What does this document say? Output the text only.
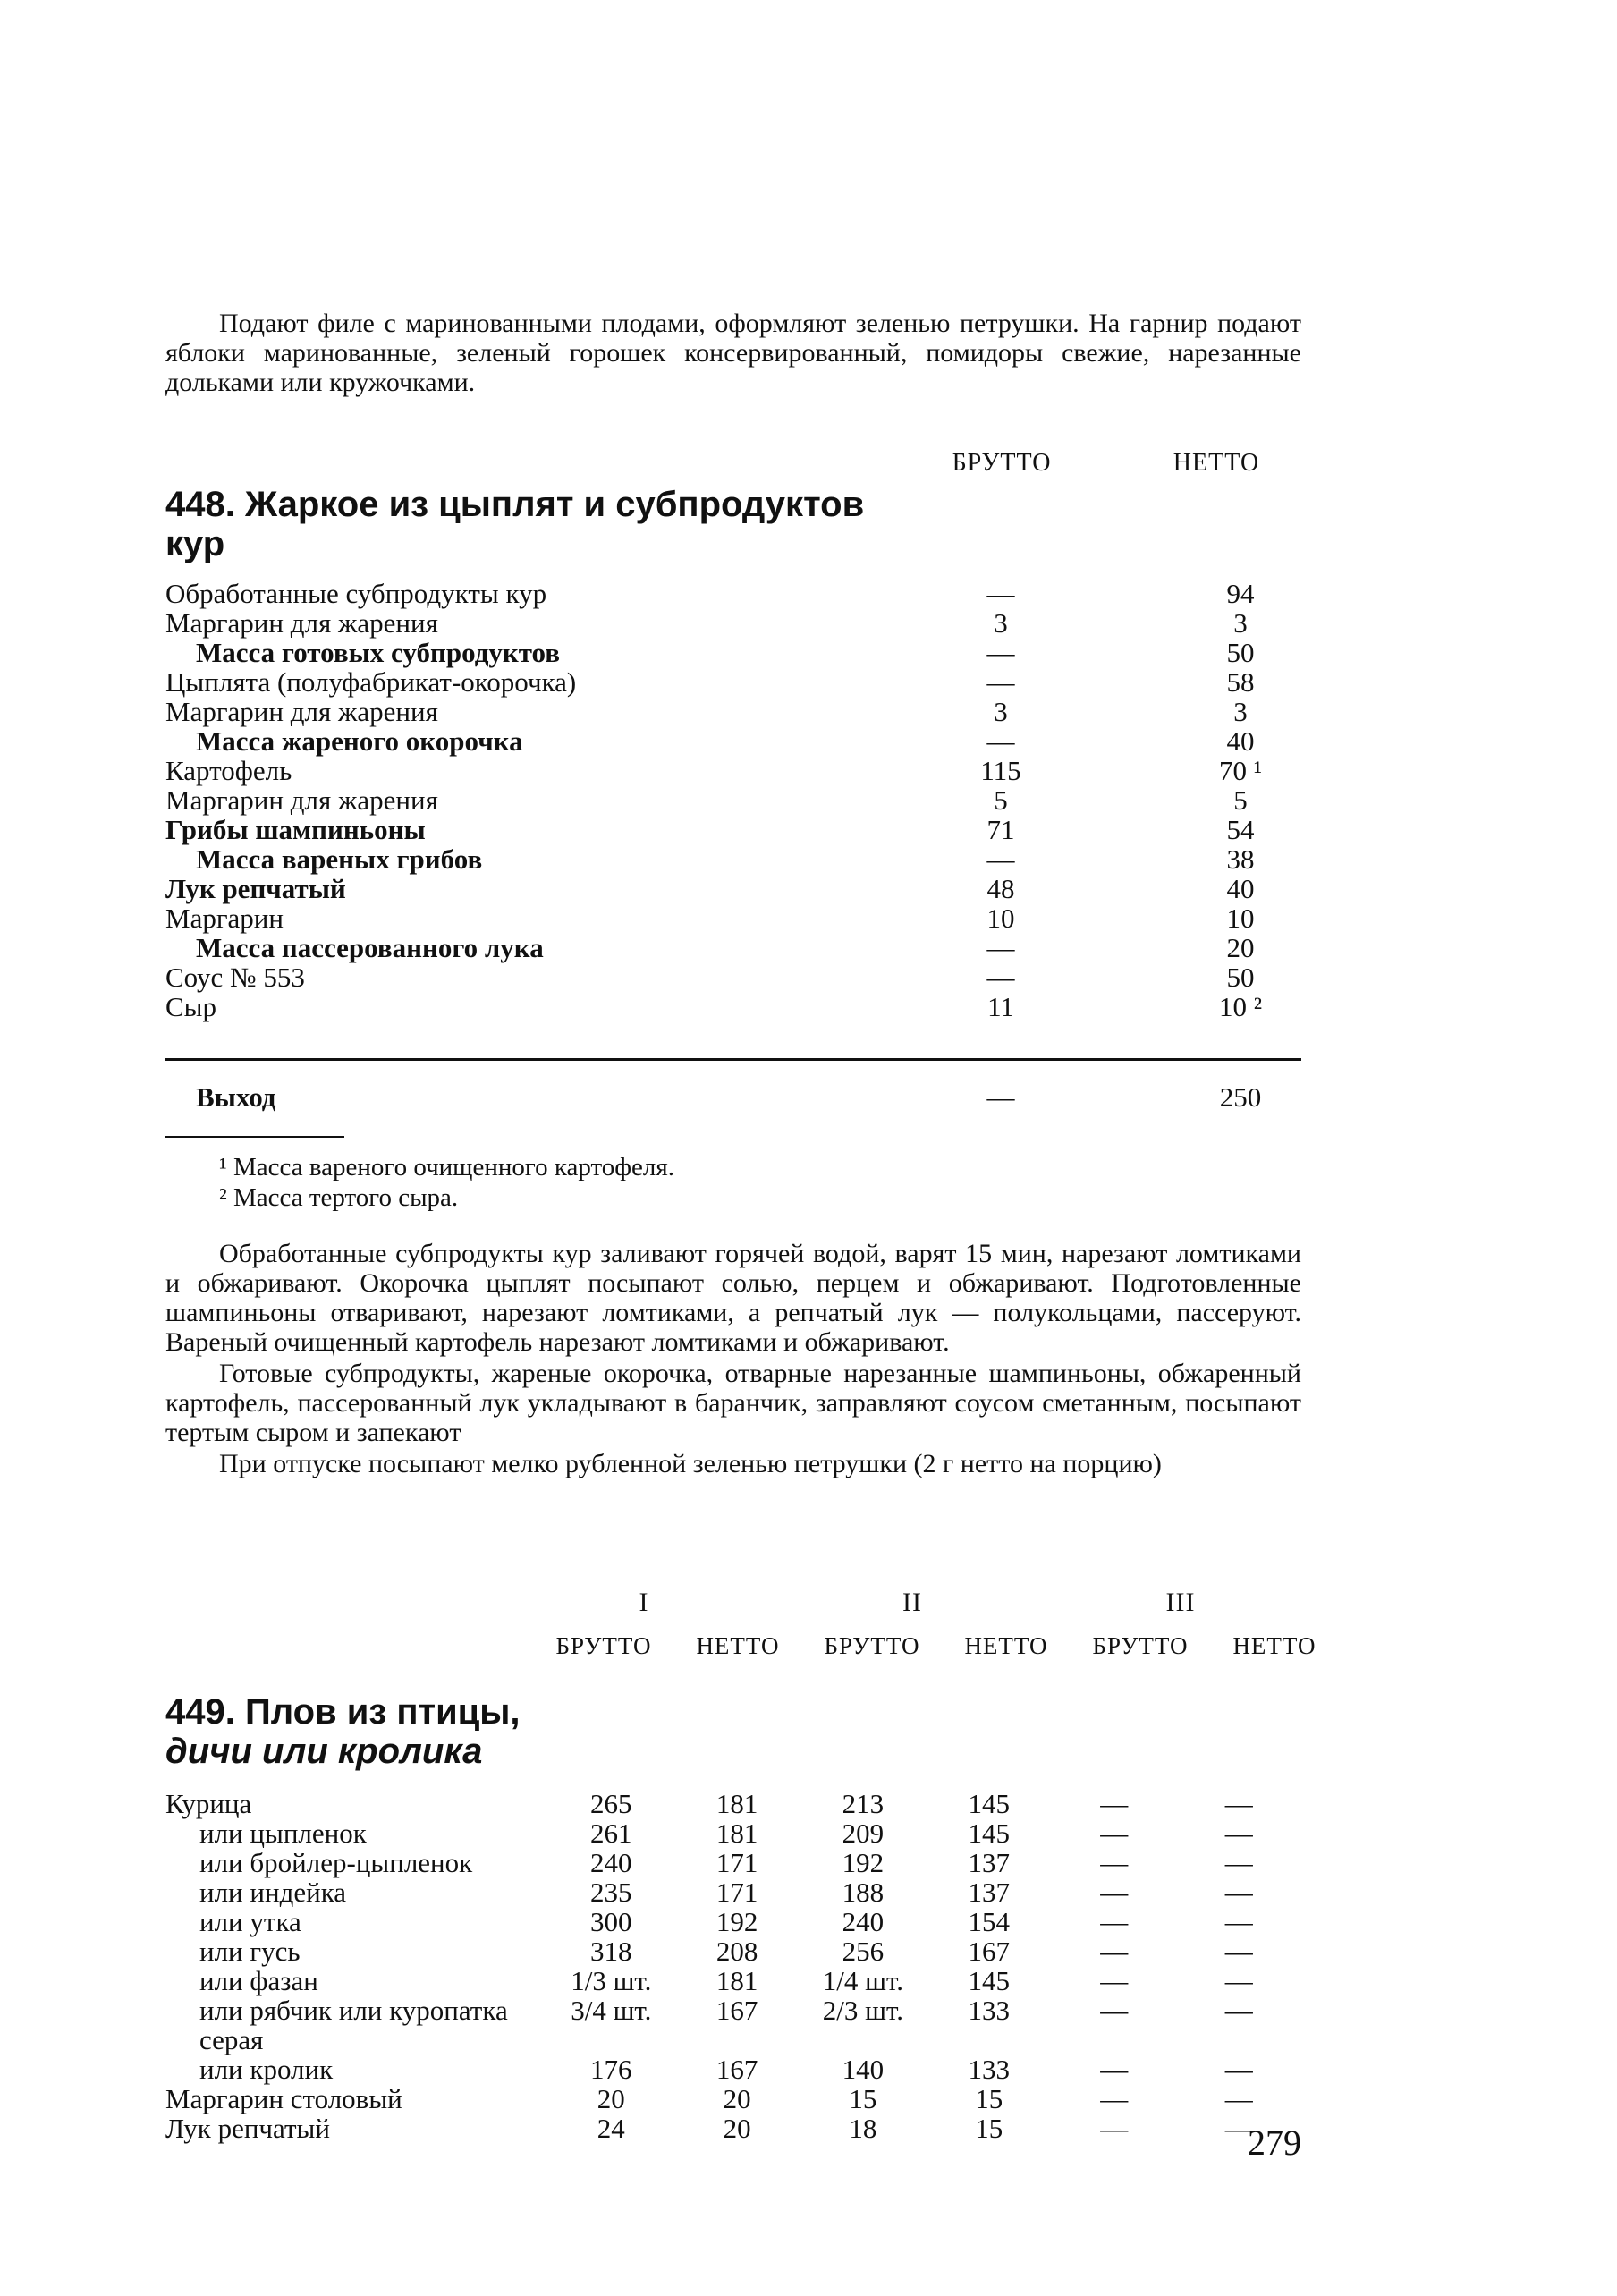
Подают филе с маринованными плодами, оформляют зеленью петрушки. На гарнир подают яблоки маринованные, зеленый горошек консервированный, помидоры свежие, нарезанные дольками или кружочками.

БРУТТО	НЕТТО
448. Жаркое из цыплят и субпродуктов кур
Обработанные субпродукты кур	—	94
Маргарин для жарения	3	3
Масса готовых субпродуктов	—	50
Цыплята (полуфабрикат-окорочка)	—	58
Маргарин для жарения	3	3
Масса жареного окорочка	—	40
Картофель	115	70 ¹
Маргарин для жарения	5	5
Грибы шампиньоны	71	54
Масса вареных грибов	—	38
Лук репчатый	48	40
Маргарин	10	10
Масса пассерованного лука	—	20
Соус № 553	—	50
Сыр	11	10 ²
Выход	—	250

¹ Масса вареного очищенного картофеля.

² Масса тертого сыра.

Обработанные субпродукты кур заливают горячей водой, варят 15 мин, нарезают ломтиками и обжаривают. Окорочка цыплят посыпают солью, перцем и обжаривают. Подготовленные шампиньоны отваривают, нарезают ломтиками, а репчатый лук — полукольцами, пассеруют. Вареный очищенный картофель нарезают ломтиками и обжаривают.

Готовые субпродукты, жареные окорочка, отварные нарезанные шампиньоны, обжаренный картофель, пассерованный лук укладывают в баранчик, заправляют соусом сметанным, посыпают тертым сыром и запекают

При отпуске посыпают мелко рубленной зеленью петрушки (2 г нетто на порцию)

I	II	III
БРУТТО	НЕТТО	БРУТТО	НЕТТО	БРУТТО	НЕТТО
449. Плов из птицы,
дичи или кролика
Курица	265	181	213	145	—	—
или цыпленок	261	181	209	145	—	—
или бройлер-цыпленок	240	171	192	137	—	—
или индейка	235	171	188	137	—	—
или утка	300	192	240	154	—	—
или гусь	318	208	256	167	—	—
или фазан	1/3 шт.	181	1/4 шт.	145	—	—
или рябчик или куропатка серая	3/4 шт.	167	2/3 шт.	133	—	—
или кролик	176	167	140	133	—	—
Маргарин столовый	20	20	15	15	—	—
Лук репчатый	24	20	18	15	—	—
279
